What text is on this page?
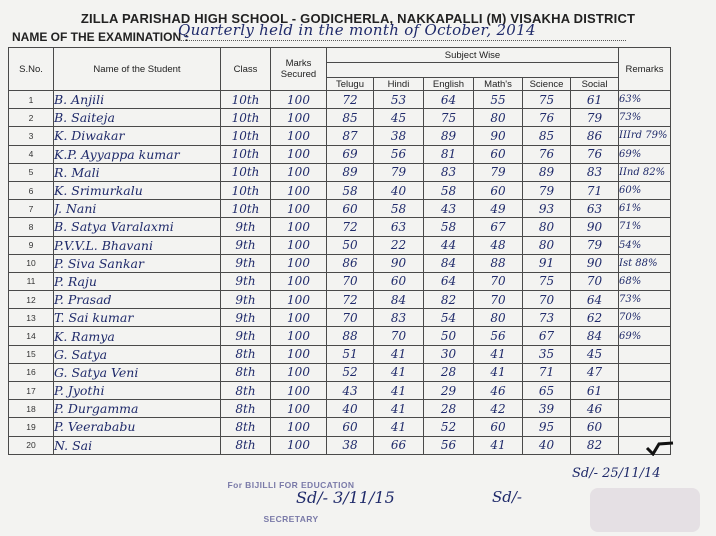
ZILLA PARISHAD HIGH SCHOOL - GODICHERLA, NAKKAPALLI (M) VISAKHA DISTRICT
NAME OF THE EXAMINATION :
Quarterly held in the month of October, 2014
S.No.	Name of the Student	Class	Marks Secured	Subject Wise						Remarks

				Telugu	Hindi	English	Math's	Science	Social	
1	B. Anjili	10th	100	72	53	64	55	75	61	63%
2	B. Saiteja	10th	100	85	45	75	80	76	79	73%
3	K. Diwakar	10th	100	87	38	89	90	85	86	IIIrd 79%
4	K.P. Ayyappa kumar	10th	100	69	56	81	60	76	76	69%
5	R. Mali	10th	100	89	79	83	79	89	83	IInd 82%
6	K. Srimurkalu	10th	100	58	40	58	60	79	71	60%
7	J. Nani	10th	100	60	58	43	49	93	63	61%
8	B. Satya Varalaxmi	9th	100	72	63	58	67	80	90	71%
9	P.V.V.L. Bhavani	9th	100	50	22	44	48	80	79	54%
10	P. Siva Sankar	9th	100	86	90	84	88	91	90	Ist 88%
11	P. Raju	9th	100	70	60	64	70	75	70	68%
12	P. Prasad	9th	100	72	84	82	70	70	64	73%
13	T. Sai kumar	9th	100	70	83	54	80	73	62	70%
14	K. Ramya	9th	100	88	70	50	56	67	84	69%
15	G. Satya	8th	100	51	41	30	41	35	45	
16	G. Satya Veni	8th	100	52	41	28	41	71	47	
17	P. Jyothi	8th	100	43	41	29	46	65	61	
18	P. Durgamma	8th	100	40	41	28	42	39	46	
19	P. Veerababu	8th	100	60	41	52	60	95	60	
20	N. Sai	8th	100	38	66	56	41	40	82	
For BIJILLI FOR EDUCATION
SECRETARY
Sd/- 3/11/15	Sd/-
Sd/- 25/11/14
